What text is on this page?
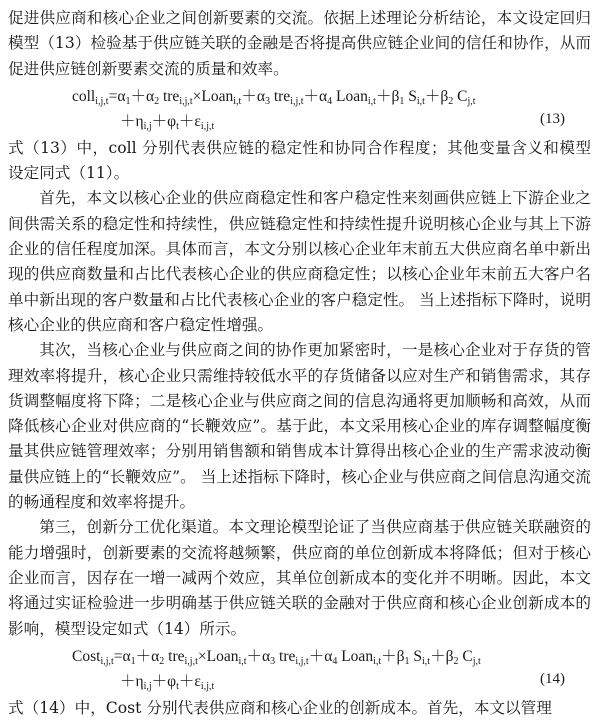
促进供应商和核心企业之间创新要素的交流。依据上述理论分析结论，本文设定回归模型（13）检验基于供应链关联的金融是否将提高供应链企业间的信任和协作，从而促进供应链创新要素交流的质量和效率。

$coll_{i,j,t}=\alpha_1+\alpha_2$ $tre_{i,j,t}\times Loan_{i,t}+\alpha_3$ $tre_{i,j,t}+\alpha_4$ $Loan_{i,t}+\beta_1$ $S_{i,t}+\beta_2$ $C_{j,t}$
$+\eta_{i,j}+\varphi_t+\varepsilon_{i,j,t}$	(13)

式（13）中，coll 分别代表供应链的稳定性和协同合作程度；其他变量含义和模型设定同式（11）。

首先，本文以核心企业的供应商稳定性和客户稳定性来刻画供应链上下游企业之间供需关系的稳定性和持续性，供应链稳定性和持续性提升说明核心企业与其上下游企业的信任程度加深。具体而言，本文分别以核心企业年末前五大供应商名单中新出现的供应商数量和占比代表核心企业的供应商稳定性；以核心企业年末前五大客户名单中新出现的客户数量和占比代表核心企业的客户稳定性。 当上述指标下降时，说明核心企业的供应商和客户稳定性增强。

其次，当核心企业与供应商之间的协作更加紧密时，一是核心企业对于存货的管理效率将提升，核心企业只需维持较低水平的存货储备以应对生产和销售需求，其存货调整幅度将下降；二是核心企业与供应商之间的信息沟通将更加顺畅和高效，从而降低核心企业对供应商的“长鞭效应”。基于此，本文采用核心企业的库存调整幅度衡量其供应链管理效率；分别用销售额和销售成本计算得出核心企业的生产需求波动衡量供应链上的“长鞭效应”。 当上述指标下降时，核心企业与供应商之间信息沟通交流的畅通程度和效率将提升。

第三，创新分工优化渠道。本文理论模型论证了当供应商基于供应链关联融资的能力增强时，创新要素的交流将越频繁，供应商的单位创新成本将降低；但对于核心企业而言，因存在一增一减两个效应，其单位创新成本的变化并不明晰。因此，本文将通过实证检验进一步明确基于供应链关联的金融对于供应商和核心企业创新成本的影响，模型设定如式（14）所示。

$Cost_{i,j,t}=\alpha_1+\alpha_2$ $tre_{i,j,t}\times Loan_{i,t}+\alpha_3$ $tre_{i,j,t}+\alpha_4$ $Loan_{i,t}+\beta_1$ $S_{i,t}+\beta_2$ $C_{j,t}$
$+\eta_{i,j}+\varphi_t+\varepsilon_{i,j,t}$	(14)

式（14）中，Cost 分别代表供应商和核心企业的创新成本。首先，本文以管理
